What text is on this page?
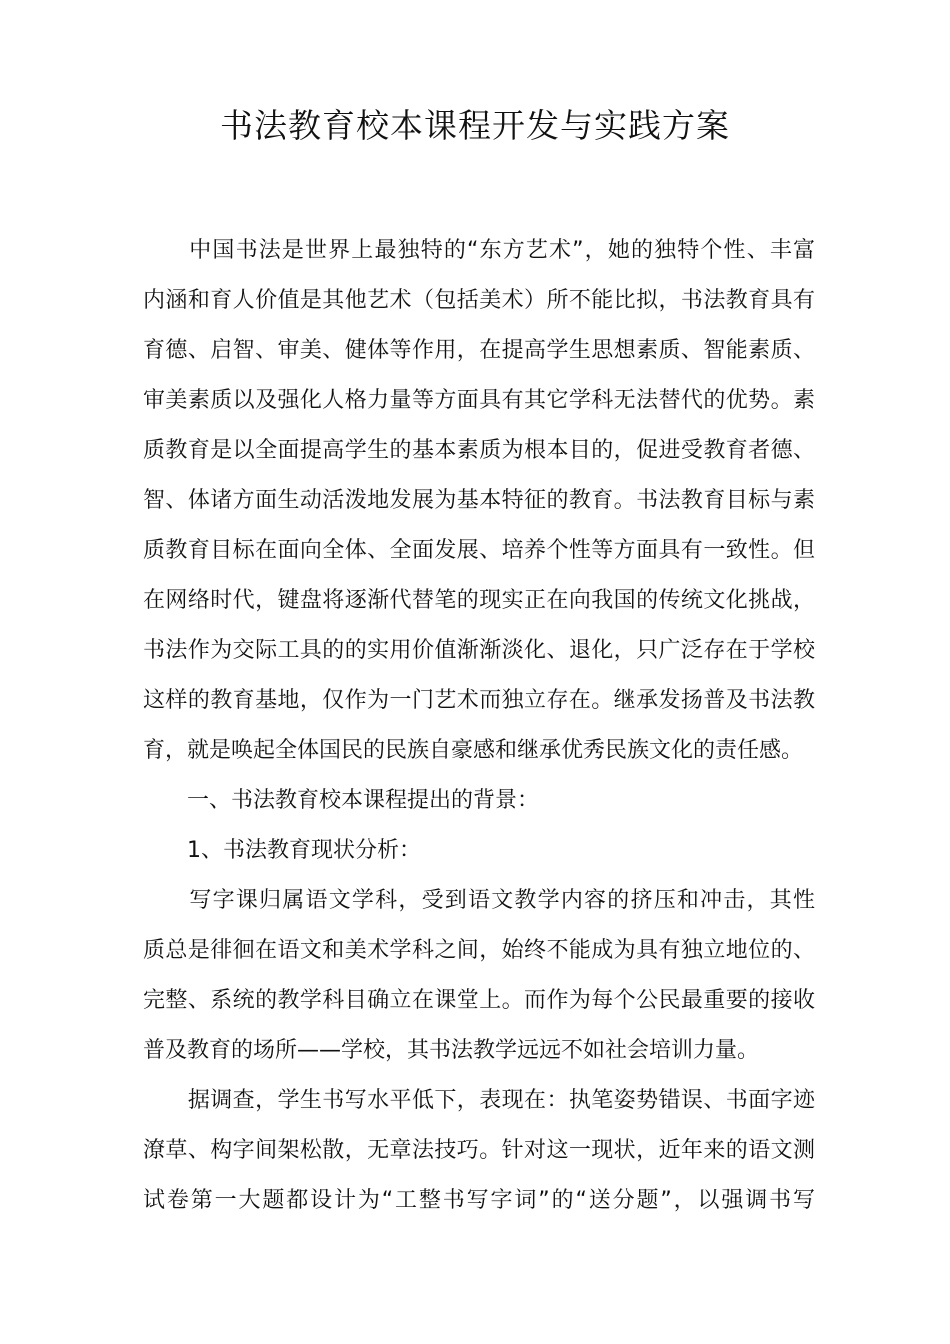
书法教育校本课程开发与实践方案
　　中国书法是世界上最独特的“东方艺术”，她的独特个性、丰富
内涵和育人价值是其他艺术（包括美术）所不能比拟，书法教育具有
育德、启智、审美、健体等作用，在提高学生思想素质、智能素质、
审美素质以及强化人格力量等方面具有其它学科无法替代的优势。素
质教育是以全面提高学生的基本素质为根本目的，促进受教育者德、
智、体诸方面生动活泼地发展为基本特征的教育。书法教育目标与素
质教育目标在面向全体、全面发展、培养个性等方面具有一致性。但
在网络时代，键盘将逐渐代替笔的现实正在向我国的传统文化挑战，
书法作为交际工具的的实用价值渐渐淡化、退化，只广泛存在于学校
这样的教育基地，仅作为一门艺术而独立存在。继承发扬普及书法教
育，就是唤起全体国民的民族自豪感和继承优秀民族文化的责任感。
　　一、书法教育校本课程提出的背景：
　　1、书法教育现状分析：
　　写字课归属语文学科，受到语文教学内容的挤压和冲击，其性
质总是徘徊在语文和美术学科之间，始终不能成为具有独立地位的、
完整、系统的教学科目确立在课堂上。而作为每个公民最重要的接收
普及教育的场所——学校，其书法教学远远不如社会培训力量。
　　据调查，学生书写水平低下，表现在：执笔姿势错误、书面字迹
潦草、构字间架松散，无章法技巧。针对这一现状，近年来的语文测
试卷第一大题都设计为“工整书写字词”的“送分题”，以强调书写
